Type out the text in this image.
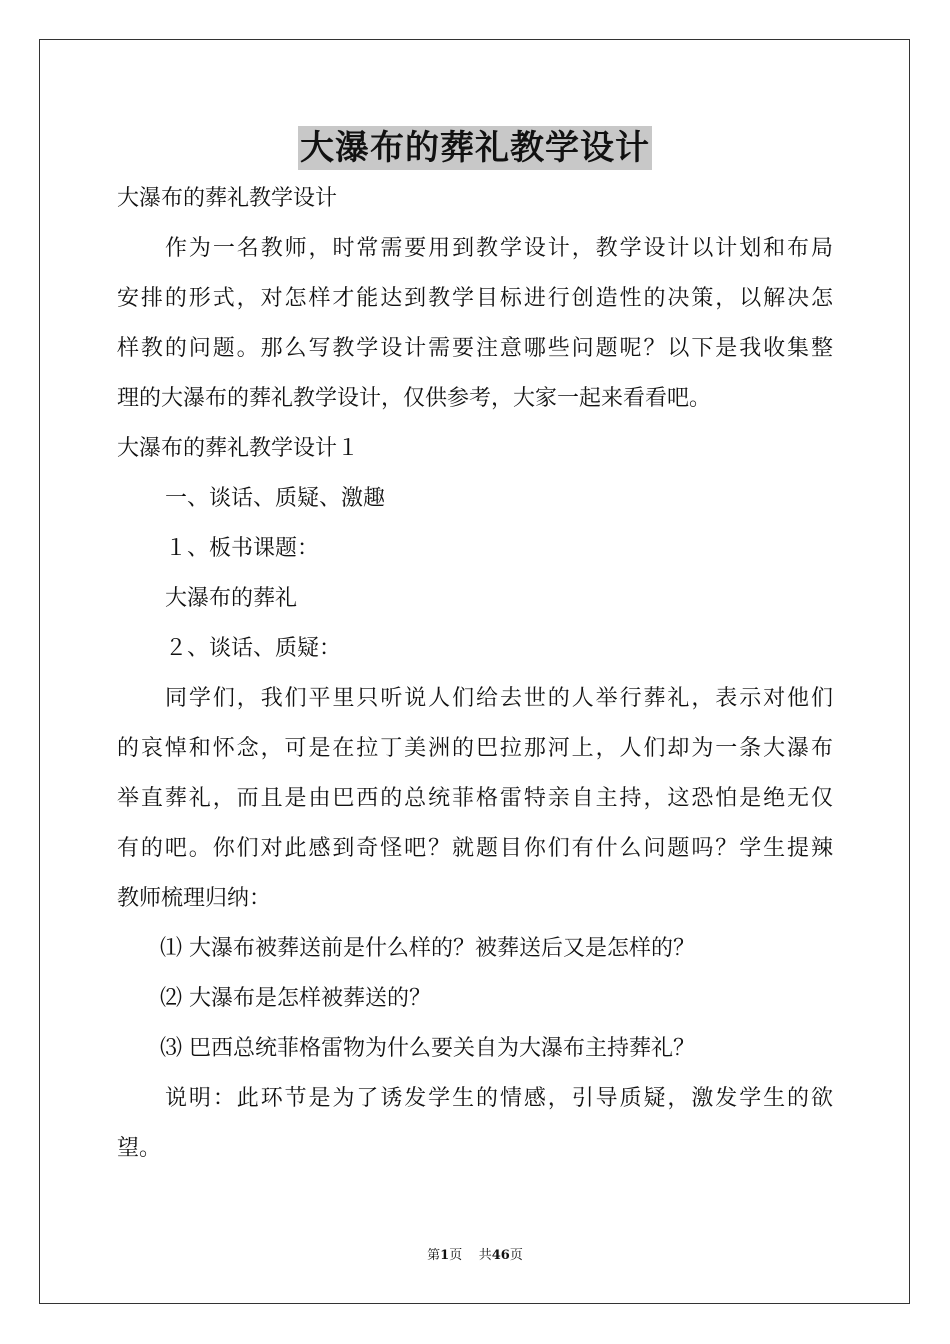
大瀑布的葬礼教学设计
大瀑布的葬礼教学设计
作为一名教师，时常需要用到教学设计，教学设计以计划和布局
安排的形式，对怎样才能达到教学目标进行创造性的决策，以解决怎
样教的问题。那么写教学设计需要注意哪些问题呢？以下是我收集整
理的大瀑布的葬礼教学设计，仅供参考，大家一起来看看吧。
大瀑布的葬礼教学设计１
一、谈话、质疑、激趣
１、板书课题：
大瀑布的葬礼
２、谈话、质疑：
同学们，我们平里只听说人们给去世的人举行葬礼，表示对他们
的哀悼和怀念，可是在拉丁美洲的巴拉那河上，人们却为一条大瀑布
举直葬礼，而且是由巴西的总统菲格雷特亲自主持，这恐怕是绝无仅
有的吧。你们对此感到奇怪吧？就题目你们有什么问题吗？学生提辣
教师梳理归纳：
⑴ 大瀑布被葬送前是什么样的？被葬送后又是怎样的？
⑵ 大瀑布是怎样被葬送的？
⑶ 巴西总统菲格雷物为什么要关自为大瀑布主持葬礼？
说明：此环节是为了诱发学生的情感，引导质疑，激发学生的欲
望。
第1页 共46页
